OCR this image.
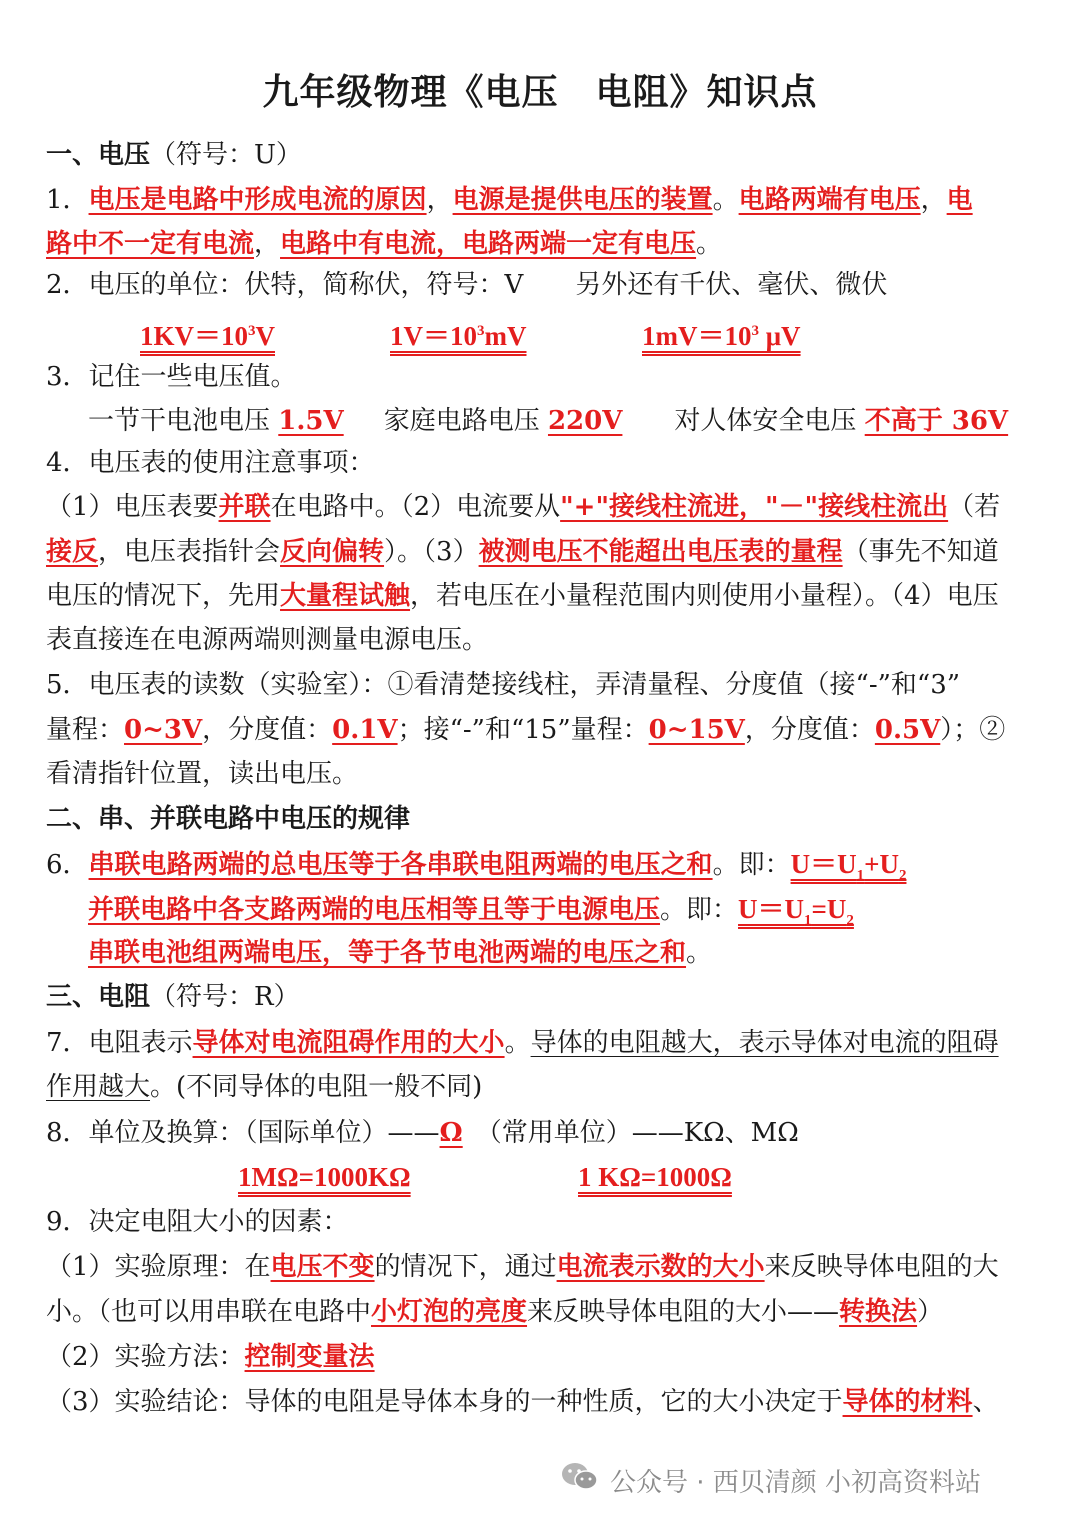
九年级物理《电压　电阻》知识点
一、电压（符号：U）
1．电压是电路中形成电流的原因，电源是提供电压的装置。电路两端有电压，电
路中不一定有电流，电路中有电流，电路两端一定有电压。
2．电压的单位：伏特，简称伏，符号：V　　另外还有千伏、毫伏、微伏
$1KV=10^3V$	$1V=10^3mV$	$1mV=10^3$ μV
3．记住一些电压值。
一节干电池电压 1.5V 家庭电路电压 220V 对人体安全电压 不高于 36V
4．电压表的使用注意事项：
（1）电压表要并联在电路中。（2）电流要从"+"接线柱流进，"－"接线柱流出（若
接反，电压表指针会反向偏转）。（3）被测电压不能超出电压表的量程（事先不知道
电压的情况下，先用大量程试触，若电压在小量程范围内则使用小量程）。（4）电压
表直接连在电源两端则测量电源电压。
5．电压表的读数（实验室）：①看清楚接线柱，弄清量程、分度值（接“-”和“3”
量程：0~3V，分度值：0.1V；接“-”和“15”量程：0~15V，分度值：0.5V）；②
看清指针位置，读出电压。
二、串、并联电路中电压的规律
6．串联电路两端的总电压等于各串联电阻两端的电压之和。即：$U=U_1+U_2$
并联电路中各支路两端的电压相等且等于电源电压。即：$U=U_1=U_2$
串联电池组两端电压，等于各节电池两端的电压之和。
三、电阻（符号：R）
7．电阻表示导体对电流阻碍作用的大小。导体的电阻越大，表示导体对电流的阻碍
作用越大。(不同导体的电阻一般不同)
8．单位及换算：（国际单位）——Ω　（常用单位）——KΩ、MΩ
1MΩ=1000KΩ	1 KΩ=1000Ω
9．决定电阻大小的因素：
（1）实验原理：在电压不变的情况下，通过电流表示数的大小来反映导体电阻的大
小。（也可以用串联在电路中小灯泡的亮度来反映导体电阻的大小——转换法）
（2）实验方法：控制变量法
（3）实验结论：导体的电阻是导体本身的一种性质，它的大小决定于导体的材料、
公众号 · 西贝清颜 小初高资料站
